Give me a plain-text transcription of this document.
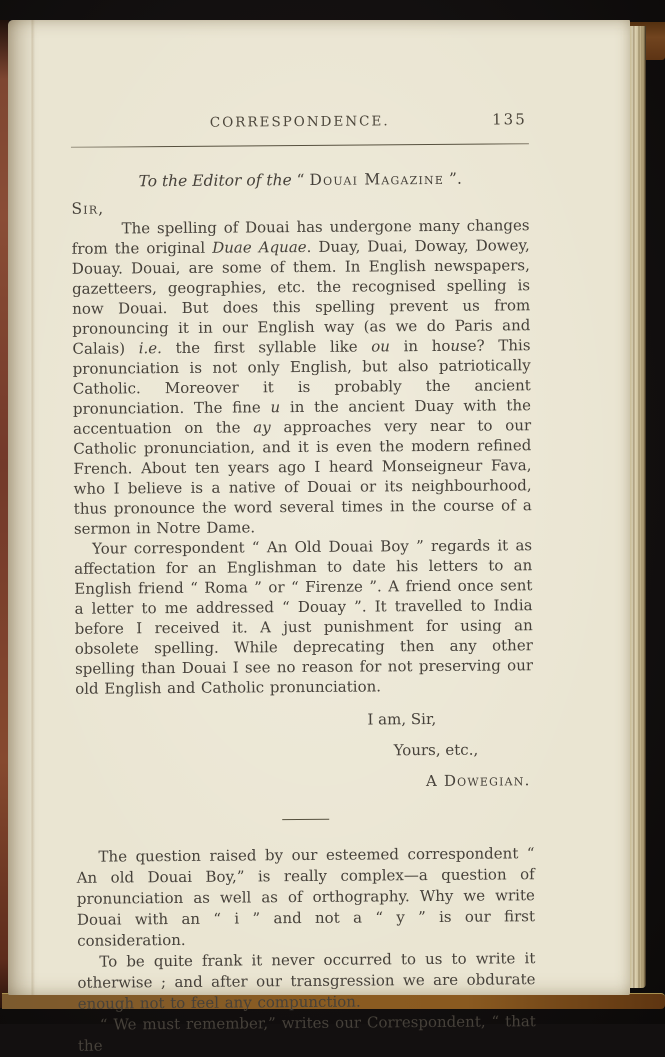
CORRESPONDENCE.	135
To the Editor of the “ Douai Magazine ”.
Sir,

The spelling of Douai has undergone many changes from the original Duae Aquae. Duay, Duai, Doway, Dowey, Douay. Douai, are some of them. In English newspapers, gazetteers, geographies, etc. the recognised spelling is now Douai. But does this spelling prevent us from pronouncing it in our English way (as we do Paris and Calais) i.e. the first syllable like ou in house? This pronunciation is not only English, but also patriotically Catholic. Moreover it is probably the ancient pronunciation. The fine u in the ancient Duay with the accentuation on the ay approaches very near to our Catholic pronunciation, and it is even the modern refined French. About ten years ago I heard Monseigneur Fava, who I believe is a native of Douai or its neighbourhood, thus pronounce the word several times in the course of a sermon in Notre Dame.

Your correspondent “ An Old Douai Boy ” regards it as affectation for an Englishman to date his letters to an English friend “ Roma ” or “ Firenze ”. A friend once sent a letter to me addressed “ Douay ”. It travelled to India before I received it. A just punishment for using an obsolete spelling. While deprecating then any other spelling than Douai I see no reason for not preserving our old English and Catholic pronunciation.

I am, Sir,
Yours, etc.,
A Dowegian.

The question raised by our esteemed correspondent “ An old Douai Boy,” is really complex—a question of pronunciation as well as of orthography. Why we write Douai with an “ i ” and not a “ y ” is our first consideration.

To be quite frank it never occurred to us to write it otherwise ; and after our transgression we are obdurate enough not to feel any compunction.

“ We must remember,” writes our Correspondent, “ that the
